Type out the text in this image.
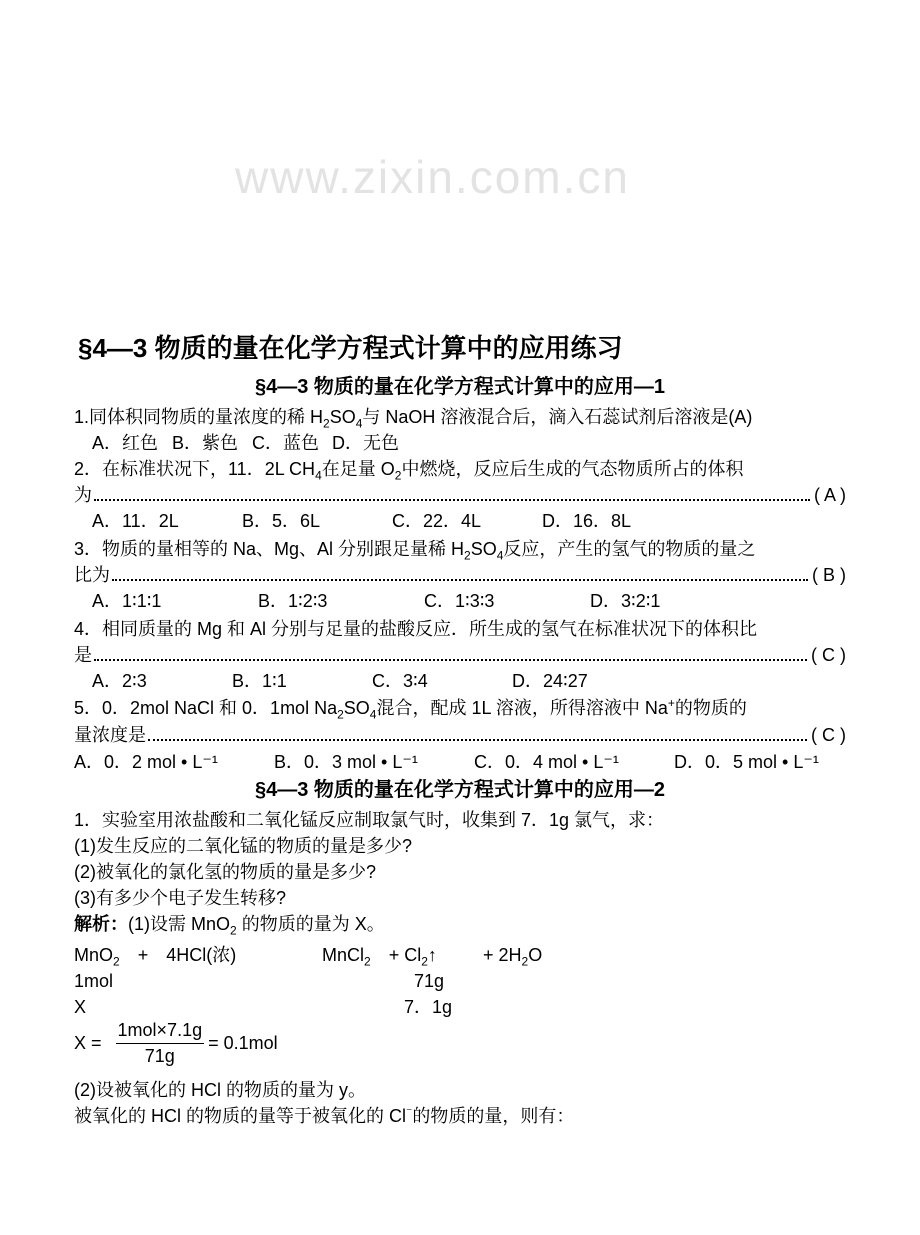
www.zixin.com.cn
§4—3 物质的量在化学方程式计算中的应用练习
§4—3 物质的量在化学方程式计算中的应用—1
1.同体积同物质的量浓度的稀 $H_2SO_4$与 NaOH 溶液混合后，滴入石蕊试剂后溶液是(A)
A．红色 B．紫色 C．蓝色 D．无色
2．在标准状况下，11．2L $CH_4$在足量 $O_2$中燃烧，反应后生成的气态物质所占的体积
为	( A )
A．11．2L	B．5．6L	C．22．4L	D．16．8L
3．物质的量相等的 Na、Mg、Al 分别跟足量稀 $H_2SO_4$反应，产生的氢气的物质的量之
比为	( B )
A．1∶1∶1	B．1∶2∶3	C．1∶3∶3	D．3∶2∶1
4．相同质量的 Mg 和 Al 分别与足量的盐酸反应．所生成的氢气在标准状况下的体积比
是	( C )
A．2∶3	B．1∶1	C．3∶4	D．24∶27
5．0．2mol NaCl 和 0．1mol $Na_2SO_4$混合，配成 1L 溶液，所得溶液中 Na+的物质的
量浓度是	( C )
A．0．2 mol • L⁻¹	B．0．3 mol • L⁻¹	C．0．4 mol • L⁻¹	D．0．5 mol • L⁻¹
§4—3 物质的量在化学方程式计算中的应用—2
1．实验室用浓盐酸和二氧化锰反应制取氯气时，收集到 7．1g 氯气，求：
(1)发生反应的二氧化锰的物质的量是多少?
(2)被氧化的氯化氢的物质的量是多少?
(3)有多少个电子发生转移?
解析：(1)设需 MnO$_2$ 的物质的量为 X。
MnO$_2$　+　4HCl(浓)	MnCl$_2$　+ $Cl_2↑$	+ $2H_2O$
1mol	71g
X	7．1g
$X = \frac{\text{1mol×7.1g}}{71g} = 0.1mol$
(2)设被氧化的 HCl 的物质的量为 y。
被氧化的 HCl 的物质的量等于被氧化的 Cl⁻的物质的量，则有：
